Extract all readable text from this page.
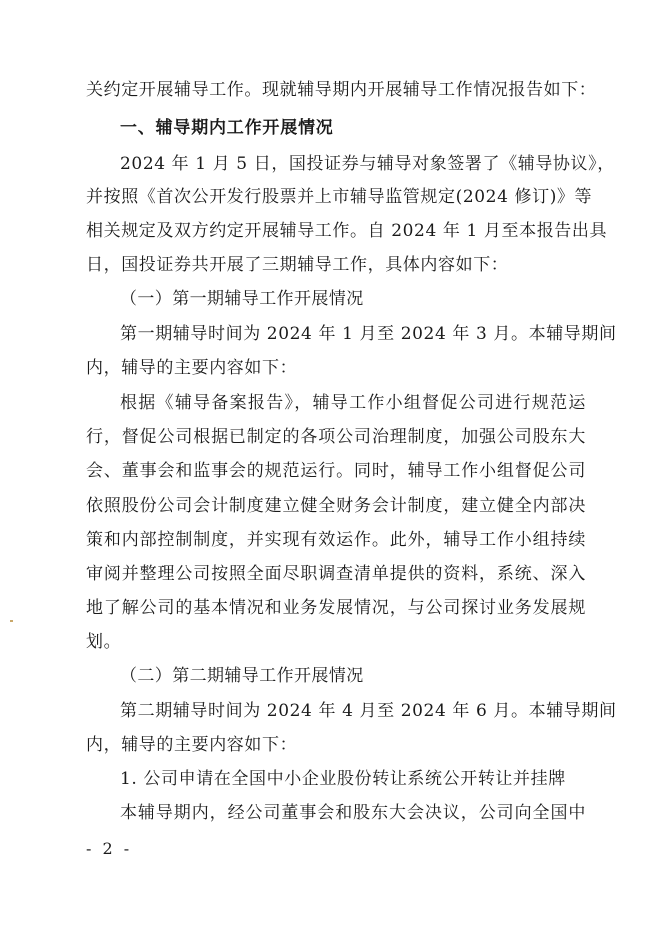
关约定开展辅导工作。现就辅导期内开展辅导工作情况报告如下：
一、辅导期内工作开展情况
2024 年 1 月 5 日，国投证券与辅导对象签署了《辅导协议》，
并按照《首次公开发行股票并上市辅导监管规定(2024 修订)》等
相关规定及双方约定开展辅导工作。自 2024 年 1 月至本报告出具
日，国投证券共开展了三期辅导工作，具体内容如下：
（一）第一期辅导工作开展情况
第一期辅导时间为 2024 年 1 月至 2024 年 3 月。本辅导期间
内，辅导的主要内容如下：
根据《辅导备案报告》，辅导工作小组督促公司进行规范运
行，督促公司根据已制定的各项公司治理制度，加强公司股东大
会、董事会和监事会的规范运行。同时，辅导工作小组督促公司
依照股份公司会计制度建立健全财务会计制度，建立健全内部决
策和内部控制制度，并实现有效运作。此外，辅导工作小组持续
审阅并整理公司按照全面尽职调查清单提供的资料，系统、深入
地了解公司的基本情况和业务发展情况，与公司探讨业务发展规
划。
（二）第二期辅导工作开展情况
第二期辅导时间为 2024 年 4 月至 2024 年 6 月。本辅导期间
内，辅导的主要内容如下：
1. 公司申请在全国中小企业股份转让系统公开转让并挂牌
本辅导期内，经公司董事会和股东大会决议，公司向全国中
- 2 -
